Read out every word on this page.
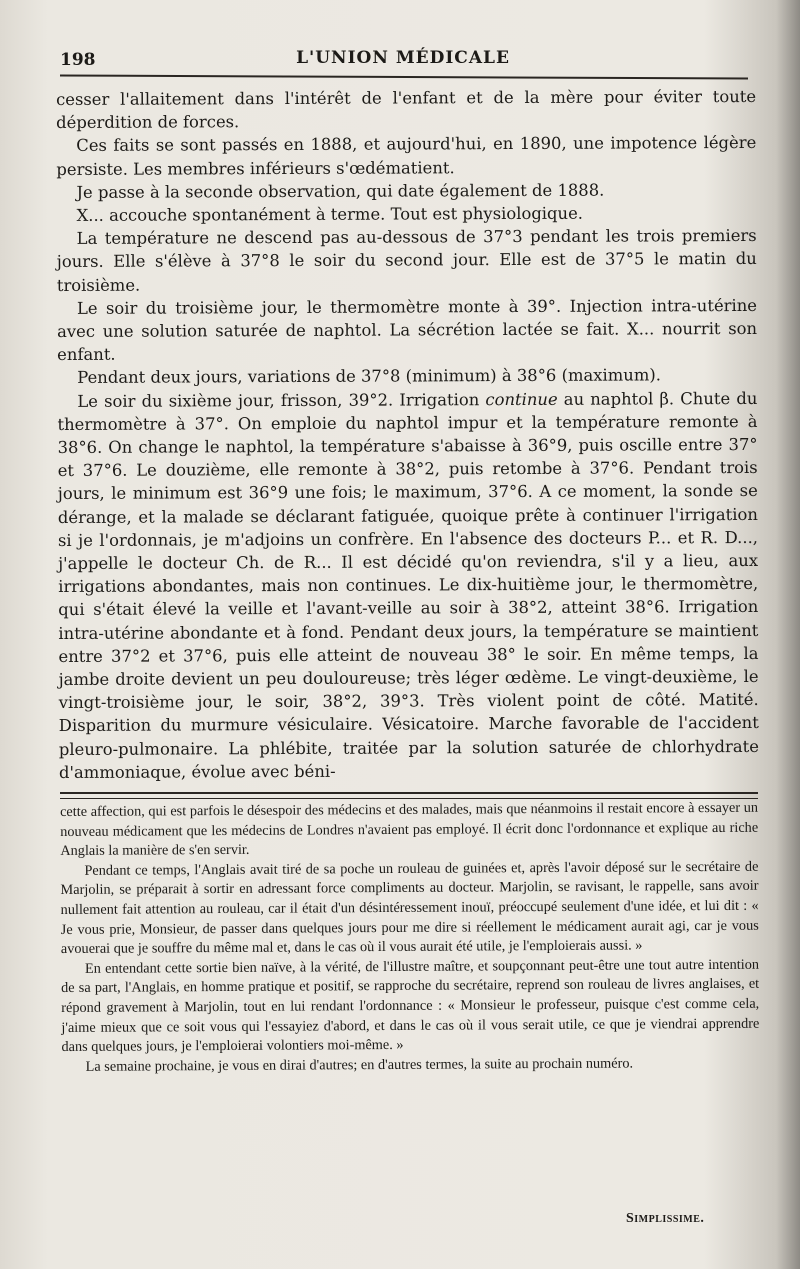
198	L'UNION MÉDICALE

cesser l'allaitement dans l'intérêt de l'enfant et de la mère pour éviter toute déperdition de forces.

Ces faits se sont passés en 1888, et aujourd'hui, en 1890, une impotence légère persiste. Les membres inférieurs s'œdématient.

Je passe à la seconde observation, qui date également de 1888.

X... accouche spontanément à terme. Tout est physiologique.

La température ne descend pas au-dessous de 37°3 pendant les trois premiers jours. Elle s'élève à 37°8 le soir du second jour. Elle est de 37°5 le matin du troisième.

Le soir du troisième jour, le thermomètre monte à 39°. Injection intra-utérine avec une solution saturée de naphtol. La sécrétion lactée se fait. X... nourrit son enfant.

Pendant deux jours, variations de 37°8 (minimum) à 38°6 (maximum).

Le soir du sixième jour, frisson, 39°2. Irrigation continue au naphtol β. Chute du thermomètre à 37°. On emploie du naphtol impur et la température remonte à 38°6. On change le naphtol, la température s'abaisse à 36°9, puis oscille entre 37° et 37°6. Le douzième, elle remonte à 38°2, puis retombe à 37°6. Pendant trois jours, le minimum est 36°9 une fois; le maximum, 37°6. A ce moment, la sonde se dérange, et la malade se déclarant fatiguée, quoique prête à continuer l'irrigation si je l'ordonnais, je m'adjoins un confrère. En l'absence des docteurs P... et R. D..., j'appelle le docteur Ch. de R... Il est décidé qu'on reviendra, s'il y a lieu, aux irrigations abondantes, mais non continues. Le dix-huitième jour, le thermomètre, qui s'était élevé la veille et l'avant-veille au soir à 38°2, atteint 38°6. Irrigation intra-utérine abondante et à fond. Pendant deux jours, la température se maintient entre 37°2 et 37°6, puis elle atteint de nouveau 38° le soir. En même temps, la jambe droite devient un peu douloureuse; très léger œdème. Le vingt-deuxième, le vingt-troisième jour, le soir, 38°2, 39°3. Très violent point de côté. Matité. Disparition du murmure vésiculaire. Vésicatoire. Marche favorable de l'accident pleuro-pulmonaire. La phlébite, traitée par la solution saturée de chlorhydrate d'ammoniaque, évolue avec béni-

cette affection, qui est parfois le désespoir des médecins et des malades, mais que néanmoins il restait encore à essayer un nouveau médicament que les médecins de Londres n'avaient pas employé. Il écrit donc l'ordonnance et explique au riche Anglais la manière de s'en servir.

Pendant ce temps, l'Anglais avait tiré de sa poche un rouleau de guinées et, après l'avoir déposé sur le secrétaire de Marjolin, se préparait à sortir en adressant force compliments au docteur. Marjolin, se ravisant, le rappelle, sans avoir nullement fait attention au rouleau, car il était d'un désintéressement inouï, préoccupé seulement d'une idée, et lui dit : « Je vous prie, Monsieur, de passer dans quelques jours pour me dire si réellement le médicament aurait agi, car je vous avouerai que je souffre du même mal et, dans le cas où il vous aurait été utile, je l'emploierais aussi. »

En entendant cette sortie bien naïve, à la vérité, de l'illustre maître, et soupçonnant peut-être une tout autre intention de sa part, l'Anglais, en homme pratique et positif, se rapproche du secrétaire, reprend son rouleau de livres anglaises, et répond gravement à Marjolin, tout en lui rendant l'ordonnance : « Monsieur le professeur, puisque c'est comme cela, j'aime mieux que ce soit vous qui l'essayiez d'abord, et dans le cas où il vous serait utile, ce que je viendrai apprendre dans quelques jours, je l'emploierai volontiers moi-même. »

La semaine prochaine, je vous en dirai d'autres; en d'autres termes, la suite au prochain numéro.

Simplissime.
